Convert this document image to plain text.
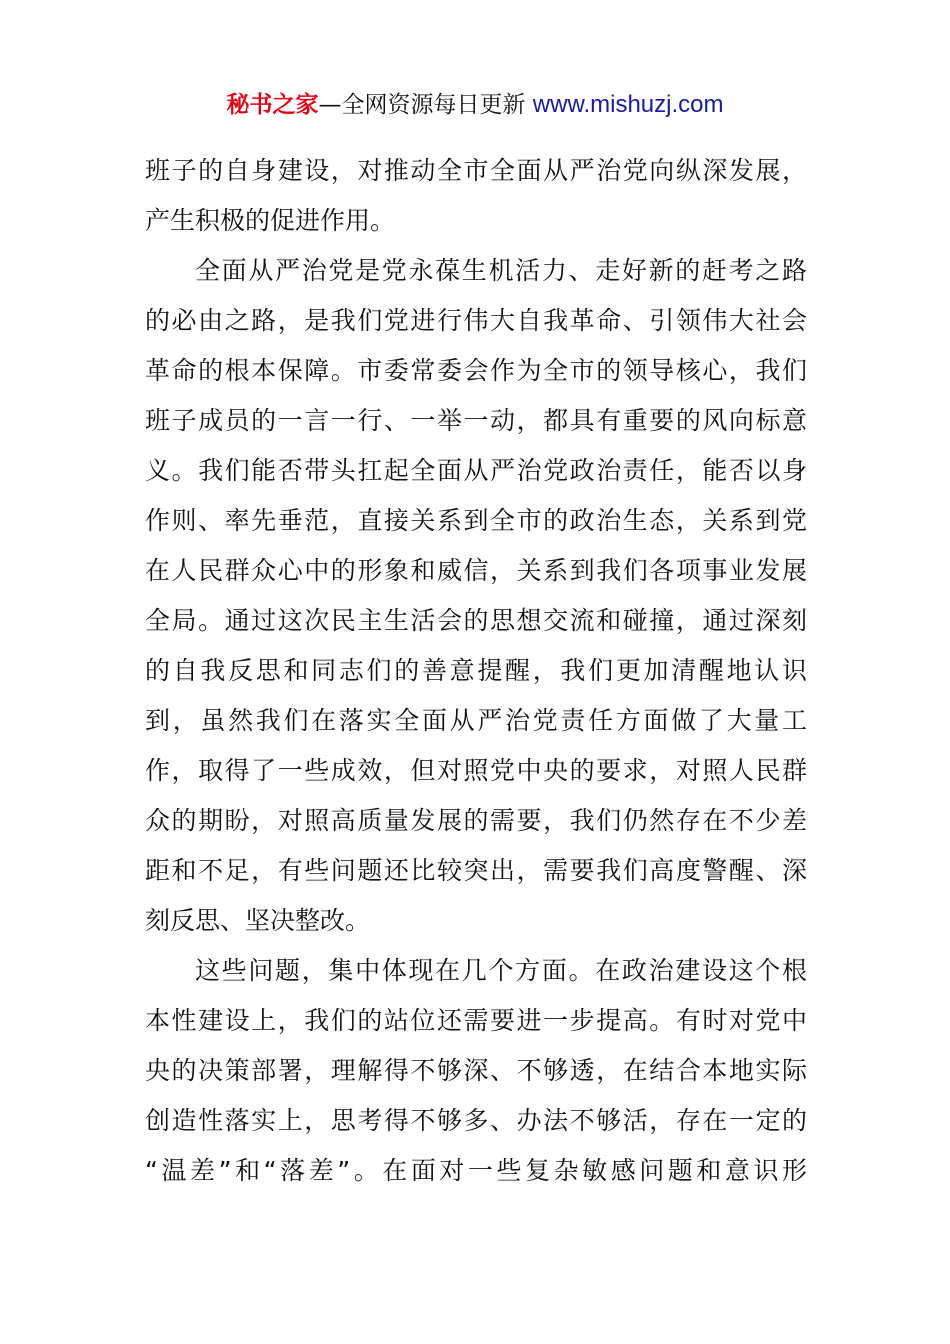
秘书之家—全网资源每日更新 www.mishuzj.com
班子的自身建设，对推动全市全面从严治党向纵深发展，
产生积极的促进作用。
全面从严治党是党永葆生机活力、走好新的赶考之路
的必由之路，是我们党进行伟大自我革命、引领伟大社会
革命的根本保障。市委常委会作为全市的领导核心，我们
班子成员的一言一行、一举一动，都具有重要的风向标意
义。我们能否带头扛起全面从严治党政治责任，能否以身
作则、率先垂范，直接关系到全市的政治生态，关系到党
在人民群众心中的形象和威信，关系到我们各项事业发展
全局。通过这次民主生活会的思想交流和碰撞，通过深刻
的自我反思和同志们的善意提醒，我们更加清醒地认识
到，虽然我们在落实全面从严治党责任方面做了大量工
作，取得了一些成效，但对照党中央的要求，对照人民群
众的期盼，对照高质量发展的需要，我们仍然存在不少差
距和不足，有些问题还比较突出，需要我们高度警醒、深
刻反思、坚决整改。
这些问题，集中体现在几个方面。在政治建设这个根
本性建设上，我们的站位还需要进一步提高。有时对党中
央的决策部署，理解得不够深、不够透，在结合本地实际
创造性落实上，思考得不够多、办法不够活，存在一定的
“温差”和“落差”。在面对一些复杂敏感问题和意识形
